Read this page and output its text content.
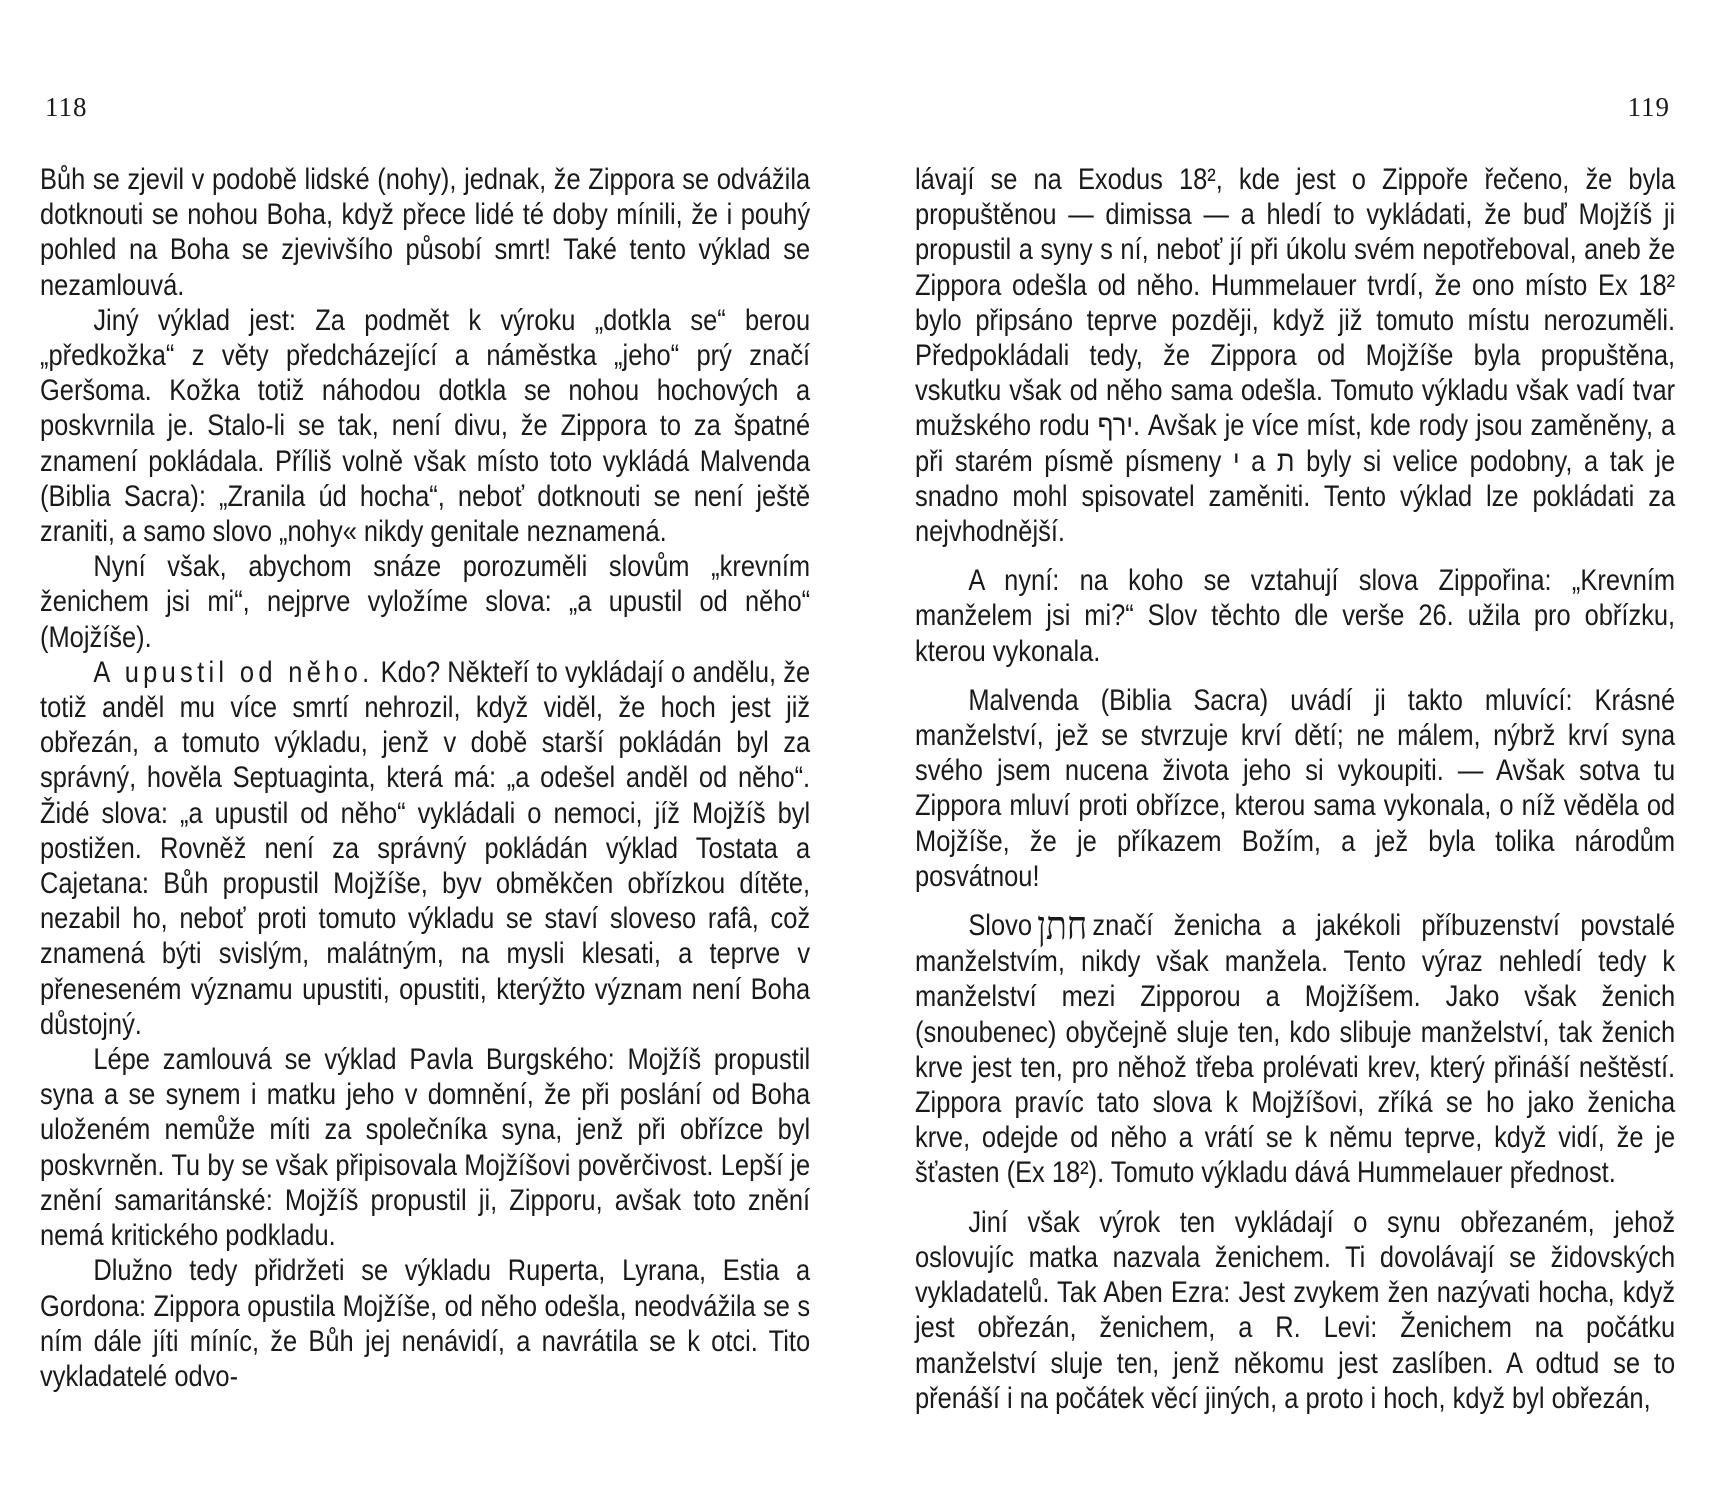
118

Bůh se zjevil v podobě lidské (nohy), jednak, že Zippora se odvážila dotknouti se nohou Boha, když přece lidé té doby mínili, že i pouhý pohled na Boha se zjevivšího působí smrt! Také tento výklad se nezamlouvá.

Jiný výklad jest: Za podmět k výroku „dotkla se“ berou „předkožka“ z věty předcházející a náměstka „jeho“ prý značí Geršoma. Kožka totiž náhodou dotkla se nohou hochových a poskvrnila je. Stalo-li se tak, není divu, že Zippora to za špatné znamení pokládala. Příliš volně však místo toto vykládá Malvenda (Biblia Sacra): „Zranila úd hocha“, neboť dotknouti se není ještě zraniti, a samo slovo „nohy« nikdy genitale neznamená.

Nyní však, abychom snáze porozuměli slovům „krevním ženichem jsi mi“, nejprve vyložíme slova: „a upustil od něho“ (Mojžíše).

A upustil od něho. Kdo? Někteří to vykládají o andělu, že totiž anděl mu více smrtí nehrozil, když viděl, že hoch jest již obřezán, a tomuto výkladu, jenž v době starší pokládán byl za správný, hověla Septuaginta, která má: „a odešel anděl od něho“. Židé slova: „a upustil od něho“ vykládali o nemoci, jíž Mojžíš byl postižen. Rovněž není za správný pokládán výklad Tostata a Cajetana: Bůh propustil Mojžíše, byv obměkčen obřízkou dítěte, nezabil ho, neboť proti tomuto výkladu se staví sloveso rafâ, což znamená býti svislým, malátným, na mysli klesati, a teprve v přeneseném významu upustiti, opustiti, kterýžto význam není Boha důstojný.

Lépe zamlouvá se výklad Pavla Burgského: Mojžíš propustil syna a se synem i matku jeho v domnění, že při poslání od Boha uloženém nemůže míti za společníka syna, jenž při obřízce byl poskvrněn. Tu by se však připisovala Mojžíšovi pověrčivost. Lepší je znění samaritánské: Mojžíš propustil ji, Zipporu, avšak toto znění nemá kritického podkladu.

Dlužno tedy přidržeti se výkladu Ruperta, Lyrana, Estia a Gordona: Zippora opustila Mojžíše, od něho odešla, neodvážila se s ním dále jíti míníc, že Bůh jej nenávidí, a navrátila se k otci. Tito vykladatelé odvo-

119

lávají se na Exodus 18², kde jest o Zippoře řečeno, že byla propuštěnou — dimissa — a hledí to vykládati, že buď Mojžíš ji propustil a syny s ní, neboť jí při úkolu svém nepotřeboval, aneb že Zippora odešla od něho. Hummelauer tvrdí, že ono místo Ex 18² bylo připsáno teprve později, když již tomuto místu nerozuměli. Předpokládali tedy, že Zippora od Mojžíše byla propuštěna, vskutku však od něho sama odešla. Tomuto výkladu však vadí tvar mužského rodu ירף. Avšak je více míst, kde rody jsou zaměněny, a při starém písmě písmeny י a ת byly si velice podobny, a tak je snadno mohl spisovatel zaměniti. Tento výklad lze pokládati za nejvhodnější.

A nyní: na koho se vztahují slova Zippořina: „Krevním manželem jsi mi?“ Slov těchto dle verše 26. užila pro obřízku, kterou vykonala.

Malvenda (Biblia Sacra) uvádí ji takto mluvící: Krásné manželství, jež se stvrzuje krví dětí; ne málem, nýbrž krví syna svého jsem nucena života jeho si vykoupiti. — Avšak sotva tu Zippora mluví proti obřízce, kterou sama vykonala, o níž věděla od Mojžíše, že je příkazem Božím, a jež byla tolika národům posvátnou!

Slovo חתן značí ženicha a jakékoli příbuzenství povstalé manželstvím, nikdy však manžela. Tento výraz nehledí tedy k manželství mezi Zipporou a Mojžíšem. Jako však ženich (snoubenec) obyčejně sluje ten, kdo slibuje manželství, tak ženich krve jest ten, pro něhož třeba prolévati krev, který přináší neštěstí. Zippora pravíc tato slova k Mojžíšovi, zříká se ho jako ženicha krve, odejde od něho a vrátí se k němu teprve, když vidí, že je šťasten (Ex 18²). Tomuto výkladu dává Hummelauer přednost.

Jiní však výrok ten vykládají o synu obřezaném, jehož oslovujíc matka nazvala ženichem. Ti dovolávají se židovských vykladatelů. Tak Aben Ezra: Jest zvykem žen nazývati hocha, když jest obřezán, ženichem, a R. Levi: Ženichem na počátku manželství sluje ten, jenž někomu jest zaslíben. A odtud se to přenáší i na počátek věcí jiných, a proto i hoch, když byl obřezán,
